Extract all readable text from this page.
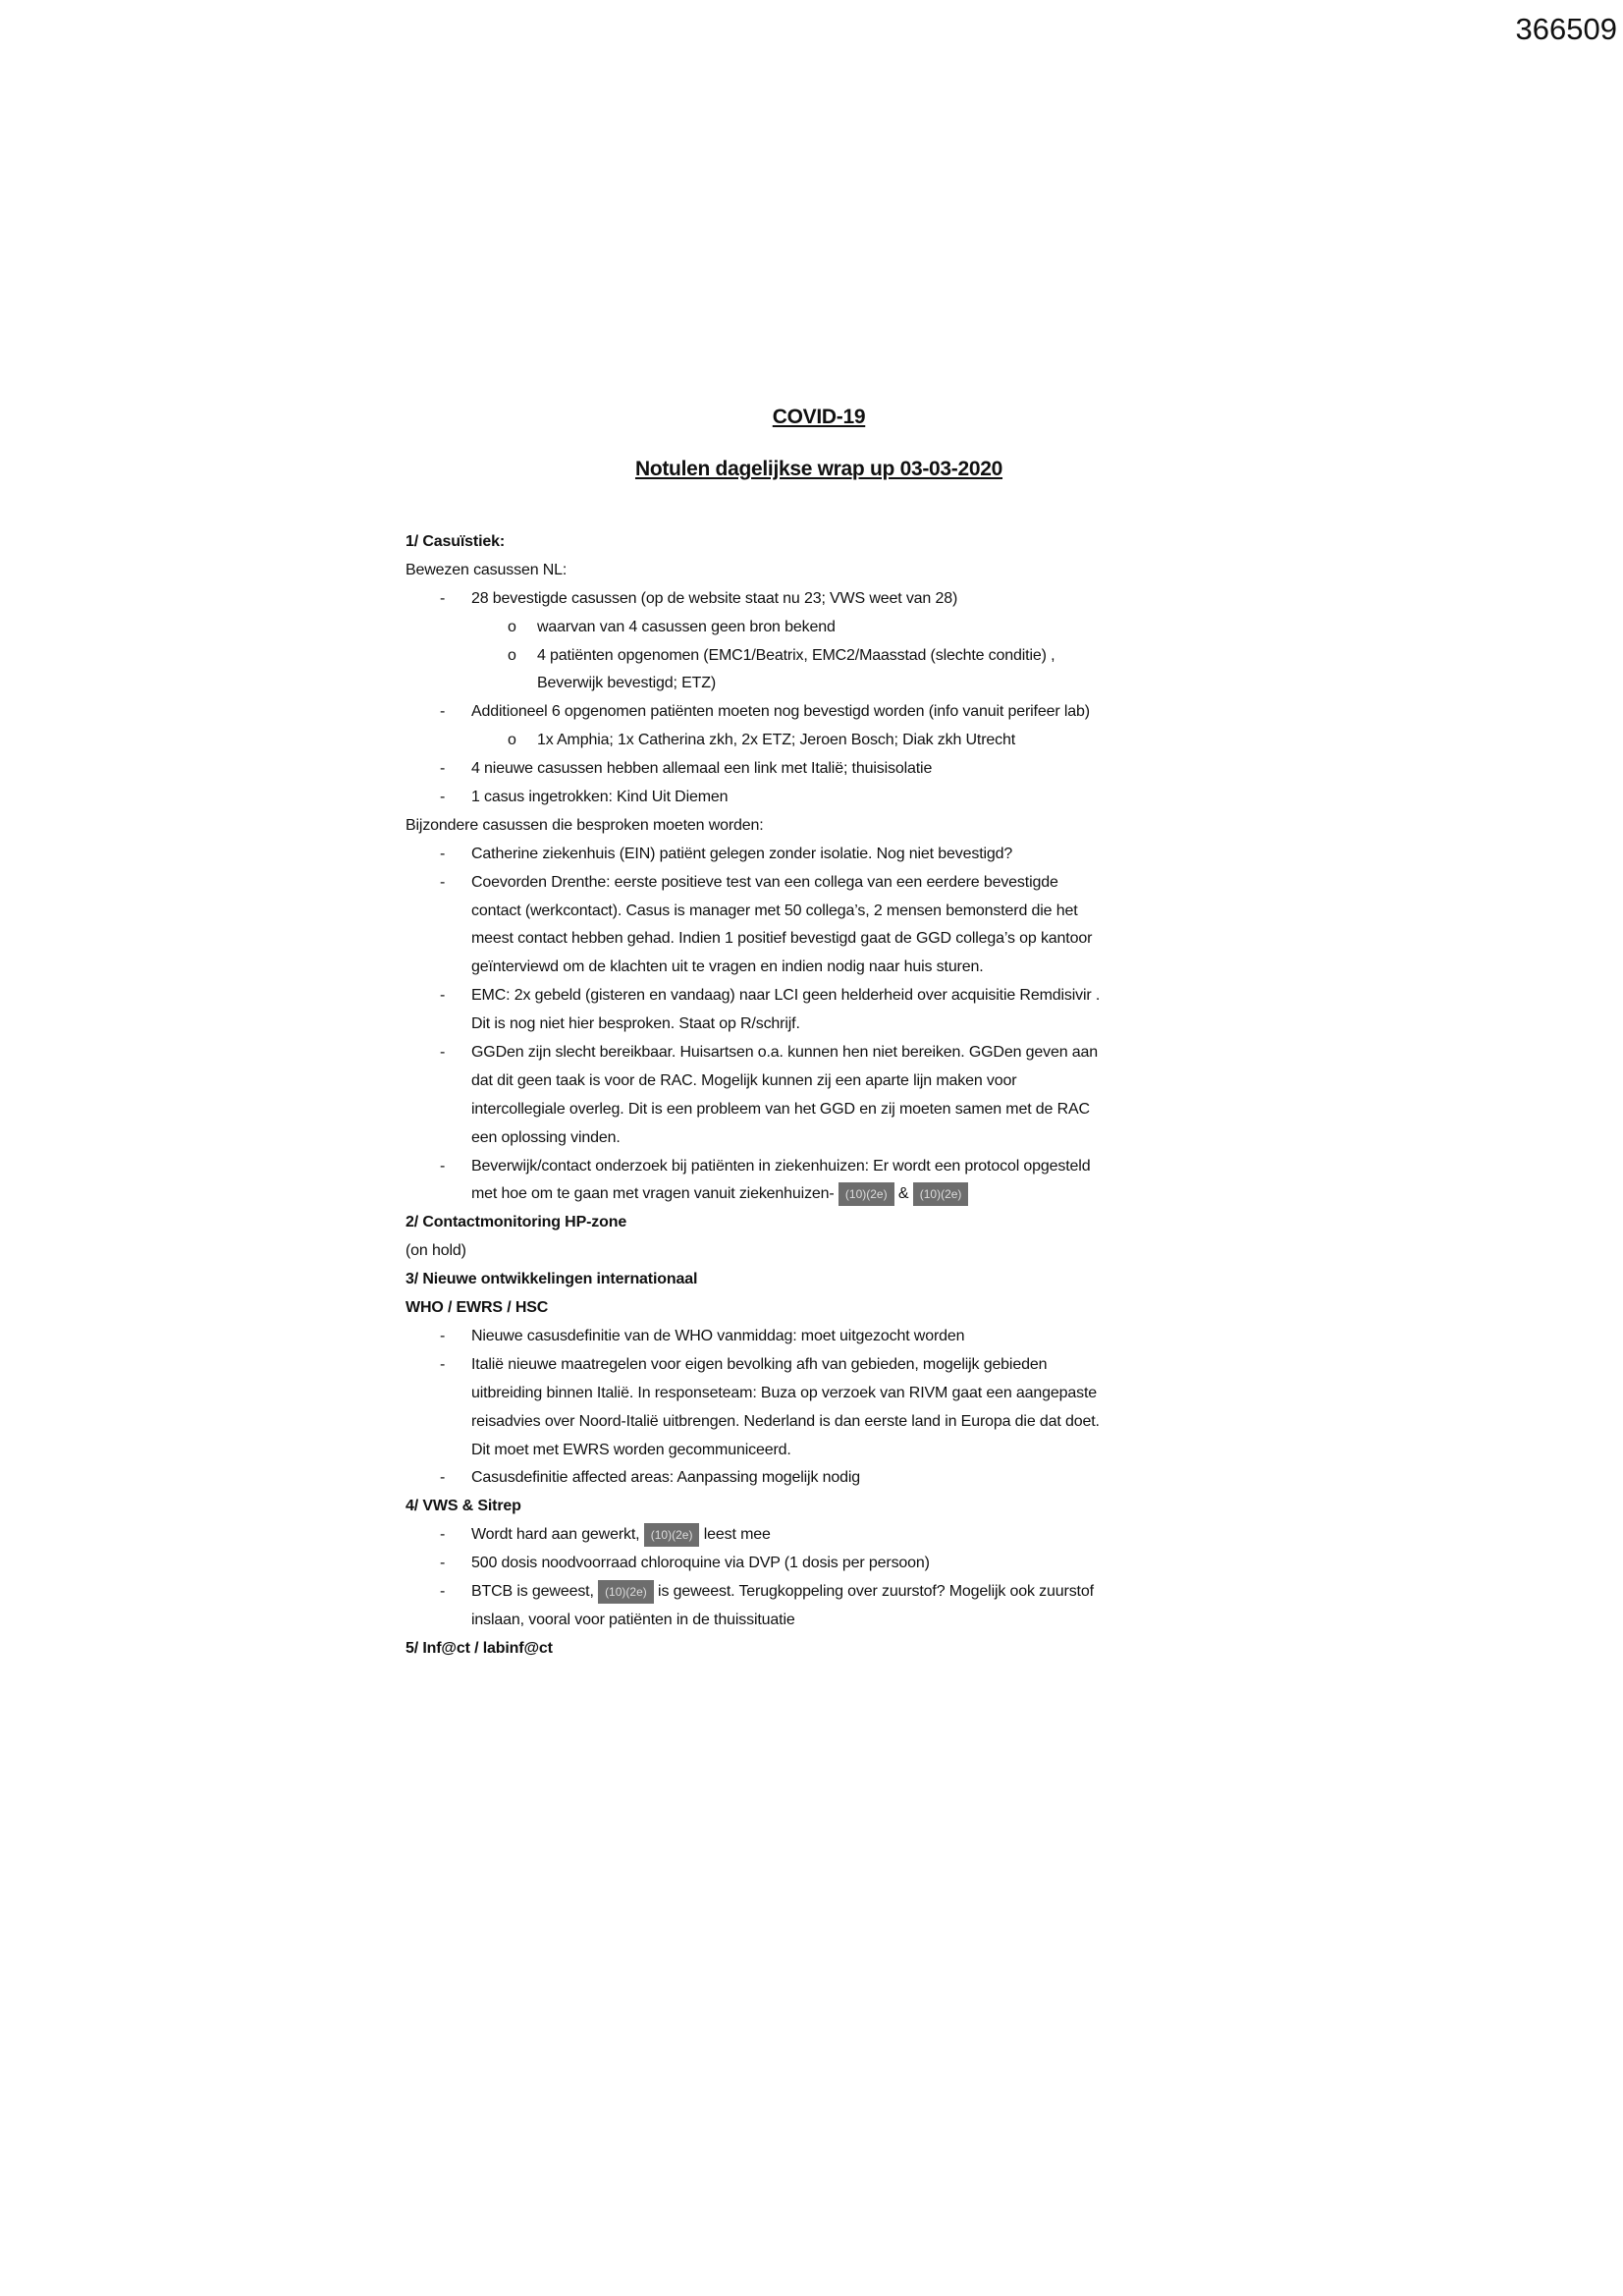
366509
COVID-19
Notulen dagelijkse wrap up 03-03-2020
1/ Casuïstiek:
Bewezen casussen NL:
- 28 bevestigde casussen (op de website staat nu 23; VWS weet van 28)
o waarvan van 4 casussen geen bron bekend
o 4 patiënten opgenomen (EMC1/Beatrix, EMC2/Maasstad (slechte conditie) ,
Beverwijk bevestigd; ETZ)
- Additioneel 6 opgenomen patiënten moeten nog bevestigd worden (info vanuit perifeer lab)
o 1x Amphia; 1x Catherina zkh, 2x ETZ; Jeroen Bosch; Diak zkh Utrecht
- 4 nieuwe casussen hebben allemaal een link met Italië; thuisisolatie
- 1 casus ingetrokken: Kind Uit Diemen
Bijzondere casussen die besproken moeten worden:
- Catherine ziekenhuis (EIN) patiënt gelegen zonder isolatie. Nog niet bevestigd?
- Coevorden Drenthe: eerste positieve test van een collega van een eerdere bevestigde
contact (werkcontact). Casus is manager met 50 collega’s, 2 mensen bemonsterd die het
meest contact hebben gehad. Indien 1 positief bevestigd gaat de GGD collega’s op kantoor
geïnterviewd om de klachten uit te vragen en indien nodig naar huis sturen.
- EMC: 2x gebeld (gisteren en vandaag) naar LCI geen helderheid over acquisitie Remdisivir .
Dit is nog niet hier besproken. Staat op R/schrijf.
- GGDen zijn slecht bereikbaar. Huisartsen o.a. kunnen hen niet bereiken. GGDen geven aan
dat dit geen taak is voor de RAC. Mogelijk kunnen zij een aparte lijn maken voor
intercollegiale overleg. Dit is een probleem van het GGD en zij moeten samen met de RAC
een oplossing vinden.
- Beverwijk/contact onderzoek bij patiënten in ziekenhuizen: Er wordt een protocol opgesteld
met hoe om te gaan met vragen vanuit ziekenhuizen- (10)(2e) & (10)(2e)
2/ Contactmonitoring HP-zone
(on hold)
3/ Nieuwe ontwikkelingen internationaal
WHO / EWRS / HSC
- Nieuwe casusdefinitie van de WHO vanmiddag: moet uitgezocht worden
- Italië nieuwe maatregelen voor eigen bevolking afh van gebieden, mogelijk gebieden
uitbreiding binnen Italië. In responseteam: Buza op verzoek van RIVM gaat een aangepaste
reisadvies over Noord-Italië uitbrengen. Nederland is dan eerste land in Europa die dat doet.
Dit moet met EWRS worden gecommuniceerd.
- Casusdefinitie affected areas: Aanpassing mogelijk nodig
4/ VWS & Sitrep
- Wordt hard aan gewerkt, (10)(2e) leest mee
- 500 dosis noodvoorraad chloroquine via DVP (1 dosis per persoon)
- BTCB is geweest, (10)(2e) is geweest. Terugkoppeling over zuurstof? Mogelijk ook zuurstof
inslaan, vooral voor patiënten in de thuissituatie
5/ Inf@ct / labinf@ct
